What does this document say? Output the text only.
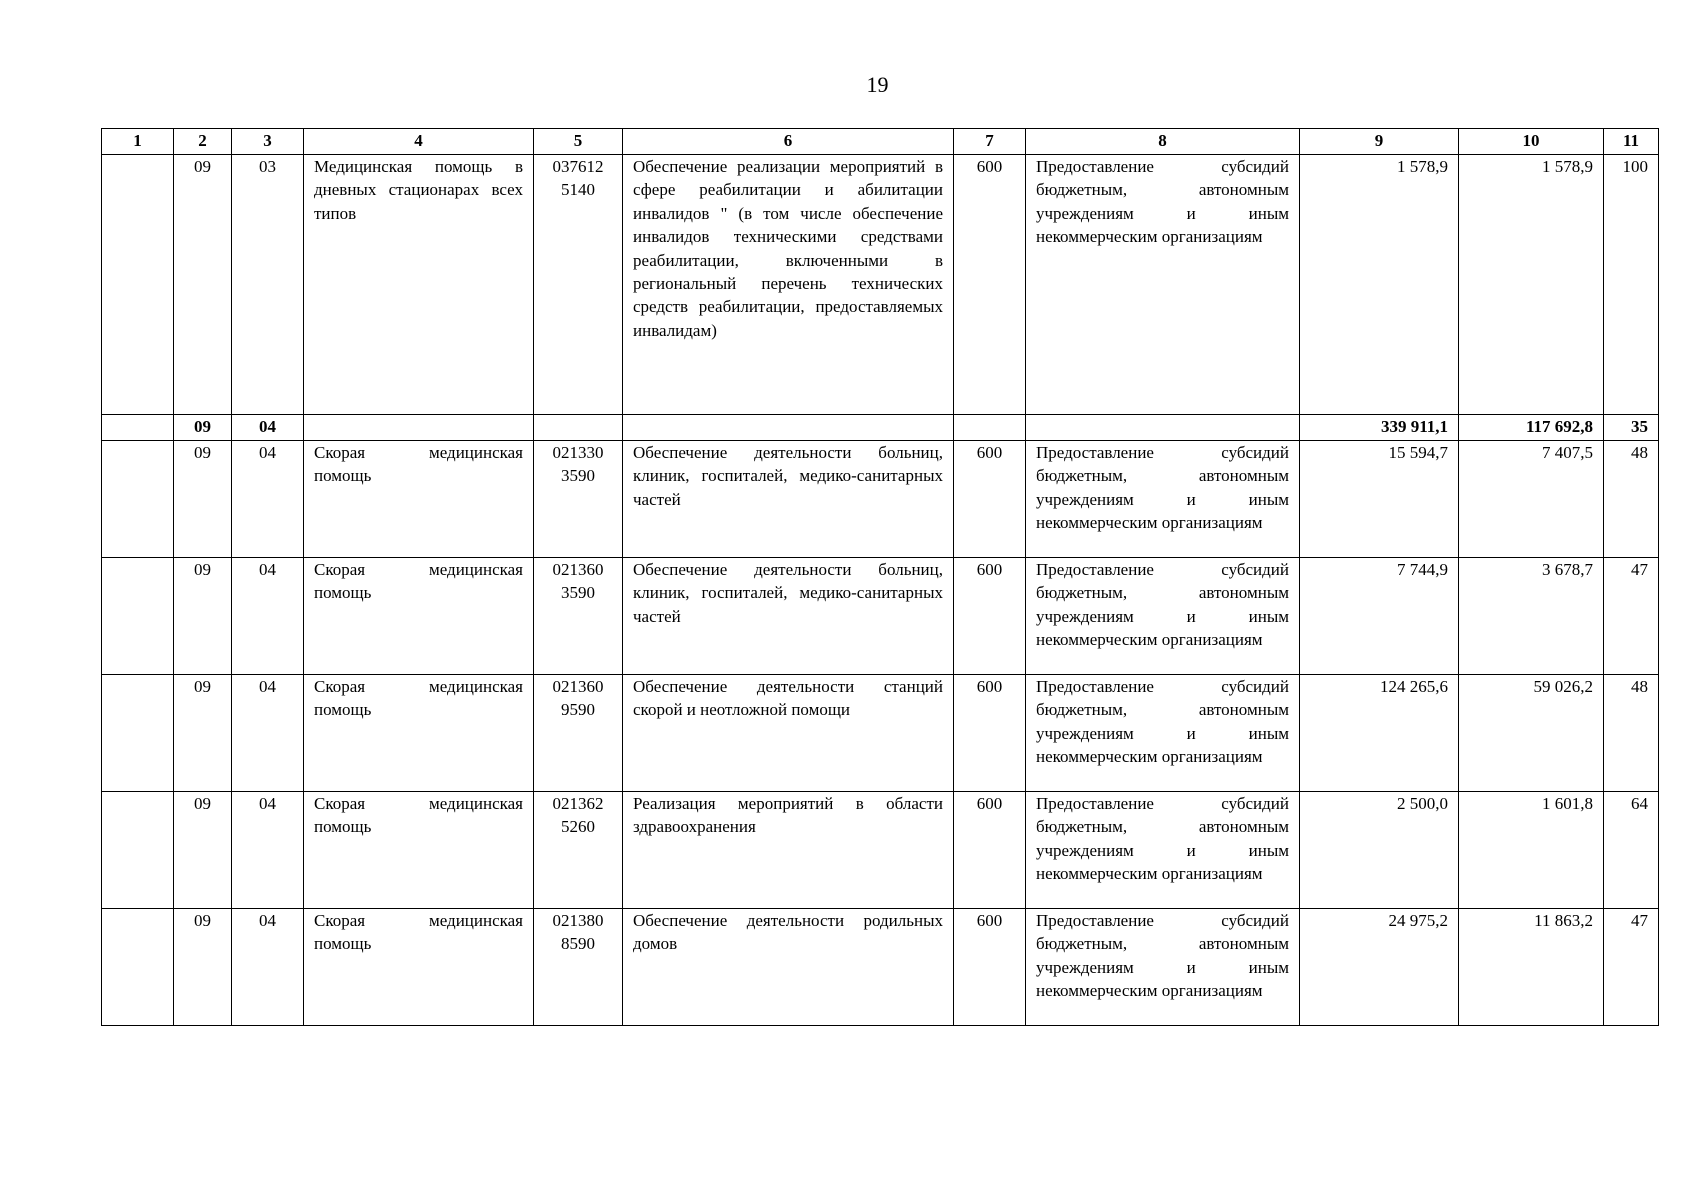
19
1	2	3	4	5	6	7	8	9	10	11
	09	03	Медицинская помощь в дневных стационарах всех типов	037612 5140	Обеспечение реализации мероприятий в сфере реабилитации и абилитации инвалидов " (в том числе обеспечение инвалидов техническими средствами реабилитации, включенными в региональный перечень технических средств реабилитации, предоставляемых инвалидам)	600	Предоставление субсидий бюджетным, автономным учреждениям и иным некоммерческим организациям	1 578,9	1 578,9	100
	09	04						339 911,1	117 692,8	35
	09	04	Скорая медицинская помощь	021330 3590	Обеспечение деятельности больниц, клиник, госпиталей, медико-санитарных частей	600	Предоставление субсидий бюджетным, автономным учреждениям и иным некоммерческим организациям	15 594,7	7 407,5	48
	09	04	Скорая медицинская помощь	021360 3590	Обеспечение деятельности больниц, клиник, госпиталей, медико-санитарных частей	600	Предоставление субсидий бюджетным, автономным учреждениям и иным некоммерческим организациям	7 744,9	3 678,7	47
	09	04	Скорая медицинская помощь	021360 9590	Обеспечение деятельности станций скорой и неотложной помощи	600	Предоставление субсидий бюджетным, автономным учреждениям и иным некоммерческим организациям	124 265,6	59 026,2	48
	09	04	Скорая медицинская помощь	021362 5260	Реализация мероприятий в области здравоохранения	600	Предоставление субсидий бюджетным, автономным учреждениям и иным некоммерческим организациям	2 500,0	1 601,8	64
	09	04	Скорая медицинская помощь	021380 8590	Обеспечение деятельности родильных домов	600	Предоставление субсидий бюджетным, автономным учреждениям и иным некоммерческим организациям	24 975,2	11 863,2	47
